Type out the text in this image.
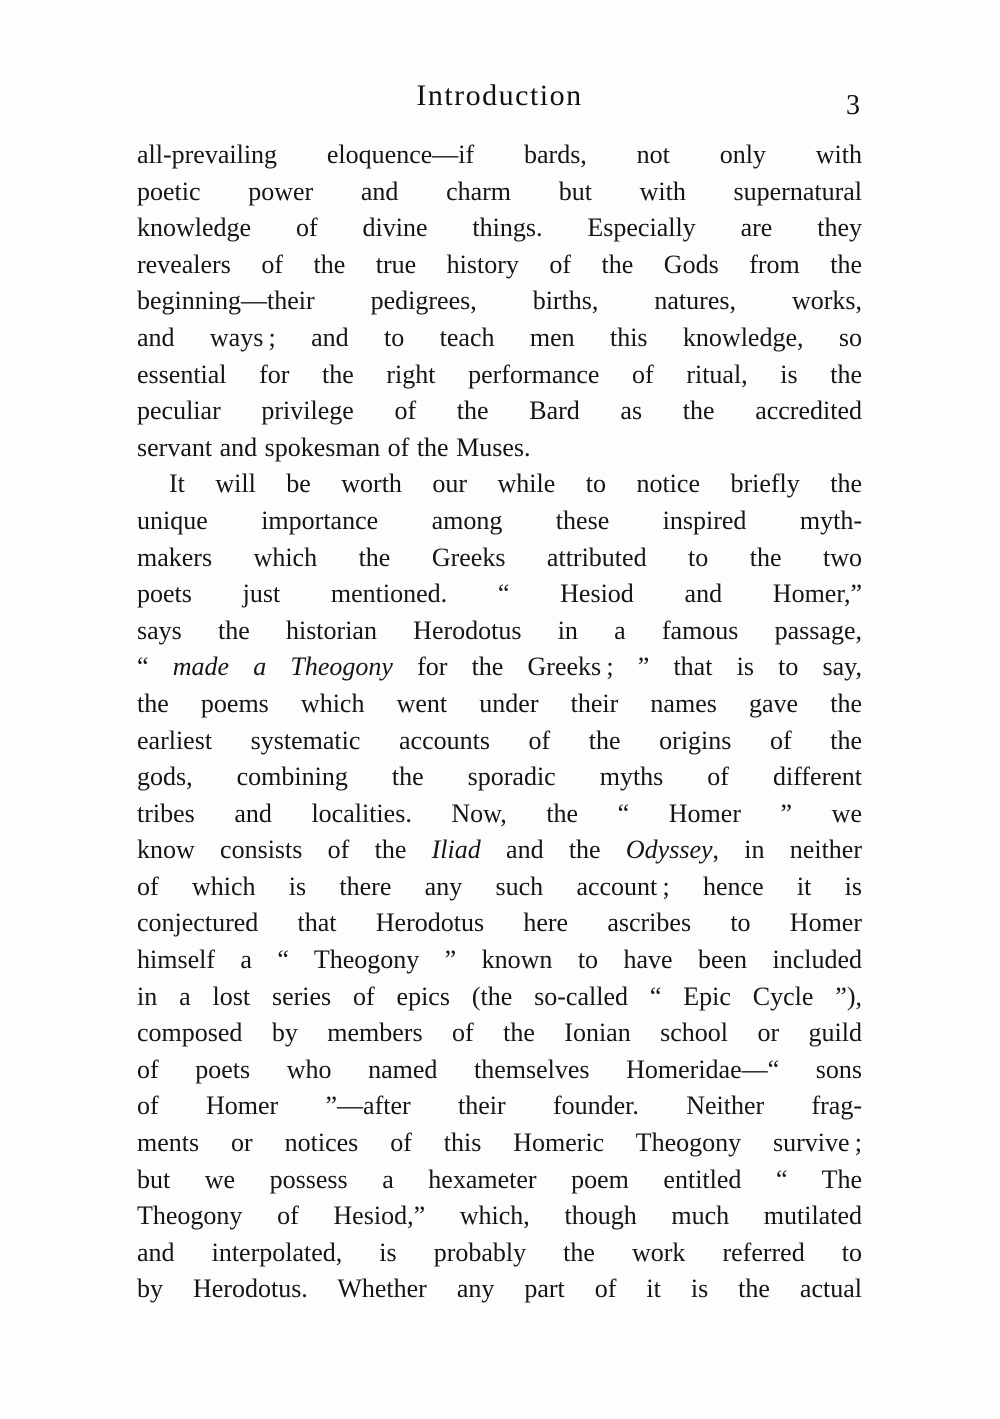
Introduction	3
all-prevailing eloquence—if bards, not only with
poetic power and charm but with supernatural
knowledge of divine things. Especially are they
revealers of the true history of the Gods from the
beginning—their pedigrees, births, natures, works,
and ways ; and to teach men this knowledge, so
essential for the right performance of ritual, is the
peculiar privilege of the Bard as the accredited
servant and spokesman of the Muses.
It will be worth our while to notice briefly the
unique importance among these inspired myth-
makers which the Greeks attributed to the two
poets just mentioned. “ Hesiod and Homer,”
says the historian Herodotus in a famous passage,
“ made a Theogony for the Greeks ; ” that is to say,
the poems which went under their names gave the
earliest systematic accounts of the origins of the
gods, combining the sporadic myths of different
tribes and localities. Now, the “ Homer ” we
know consists of the Iliad and the Odyssey, in neither
of which is there any such account ; hence it is
conjectured that Herodotus here ascribes to Homer
himself a “ Theogony ” known to have been included
in a lost series of epics (the so-called “ Epic Cycle ”),
composed by members of the Ionian school or guild
of poets who named themselves Homeridae—“ sons
of Homer ”—after their founder. Neither frag-
ments or notices of this Homeric Theogony survive ;
but we possess a hexameter poem entitled “ The
Theogony of Hesiod,” which, though much mutilated
and interpolated, is probably the work referred to
by Herodotus. Whether any part of it is the actual
